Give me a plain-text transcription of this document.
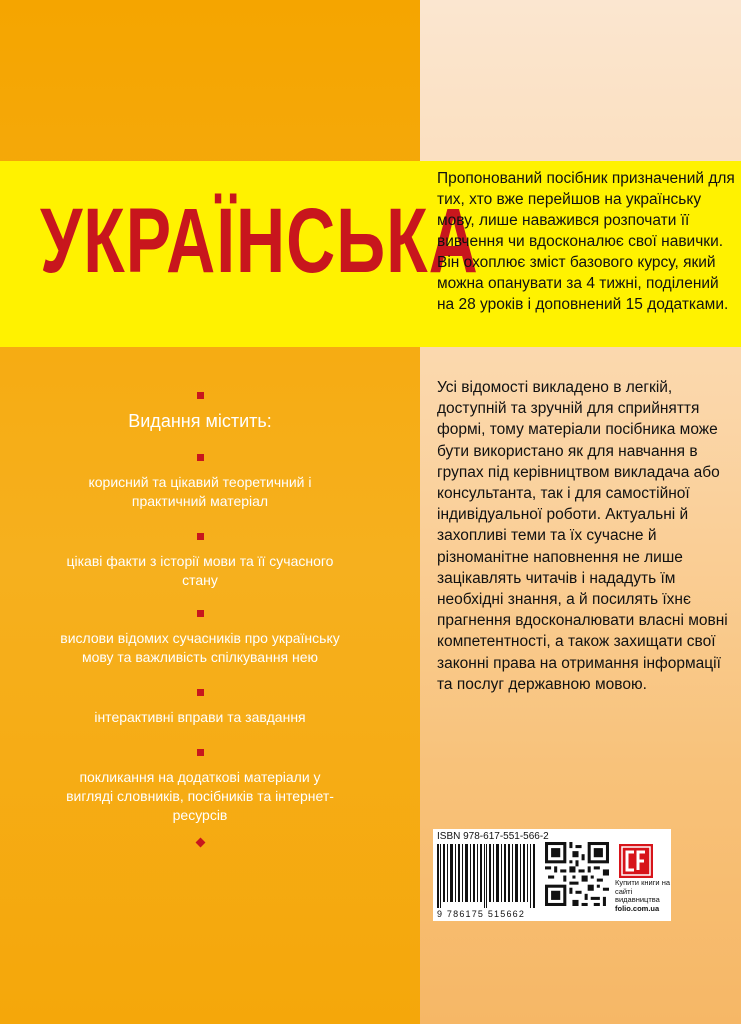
УКРАЇНСЬКА

Пропонований посібник призначений для тих, хто вже перейшов на українську мову, лише наважився розпочати її вивчення чи вдосконалює свої навички. Він охоплює зміст базового курсу, який можна опанувати за 4 тижні, поділений на 28 уроків і доповнений 15 додатками.

Усі відомості викладено в легкій, доступній та зручній для сприйняття формі, тому матеріали посібника може бути використано як для навчання в групах під керівництвом викладача або консультанта, так і для самостійної індивідуальної роботи. Актуальні й захопливі теми та їх сучасне й різноманітне наповнення не лише зацікавлять читачів і нададуть їм необхідні знання, а й посилять їхнє прагнення вдосконалювати власні мовні компетентності, а також захищати свої законні права на отримання інформації та послуг державною мовою.

Видання містить:

корисний та цікавий теоретичний і практичний матеріал

цікаві факти з історії мови та її сучасного стану

вислови відомих сучасників про українську мову та важливість спілкування нею

інтерактивні вправи та завдання

покликання на додаткові матеріали у вигляді словників, посібників та інтернет-ресурсів

ISBN 978-617-551-566-2
9 786175 515662
Купити книги на сайті видавництва
folio.com.ua
